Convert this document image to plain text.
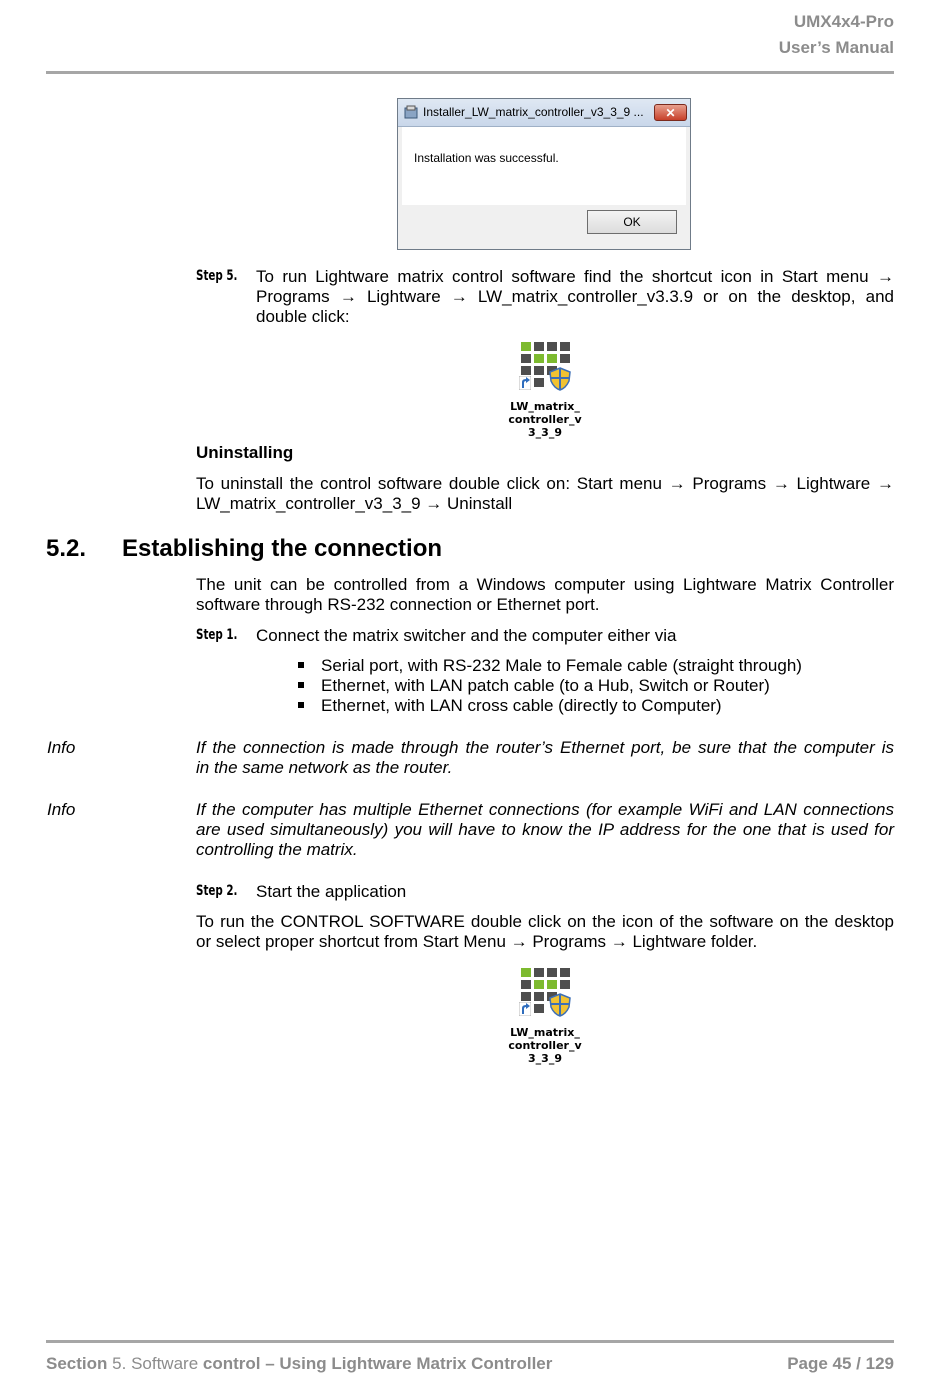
UMX4x4-Pro
User’s Manual
Installer_LW_matrix_controller_v3_3_9 ...	✕
Installation was successful.
OK
Step 5. To run Lightware matrix control software find the shortcut icon in Start menu →
Programs → Lightware → LW_matrix_controller_v3.3.9 or on the desktop, and
double click:
LW_matrix_
controller_v
3_3_9
Uninstalling
To uninstall the control software double click on: Start menu → Programs → Lightware →
LW_matrix_controller_v3_3_9 → Uninstall
5.2. Establishing the connection
The unit can be controlled from a Windows computer using Lightware Matrix Controller
software through RS-232 connection or Ethernet port.
Step 1. Connect the matrix switcher and the computer either via
Serial port, with RS-232 Male to Female cable (straight through)
Ethernet, with LAN patch cable (to a Hub, Switch or Router)
Ethernet, with LAN cross cable (directly to Computer)
Info	If the connection is made through the router’s Ethernet port, be sure that the computer is
in the same network as the router.
Info	If the computer has multiple Ethernet connections (for example WiFi and LAN connections
are used simultaneously) you will have to know the IP address for the one that is used for
controlling the matrix.
Step 2. Start the application
To run the CONTROL SOFTWARE double click on the icon of the software on the desktop
or select proper shortcut from Start Menu → Programs → Lightware folder.
LW_matrix_
controller_v
3_3_9
Section 5. Software control – Using Lightware Matrix Controller	Page 45 / 129
